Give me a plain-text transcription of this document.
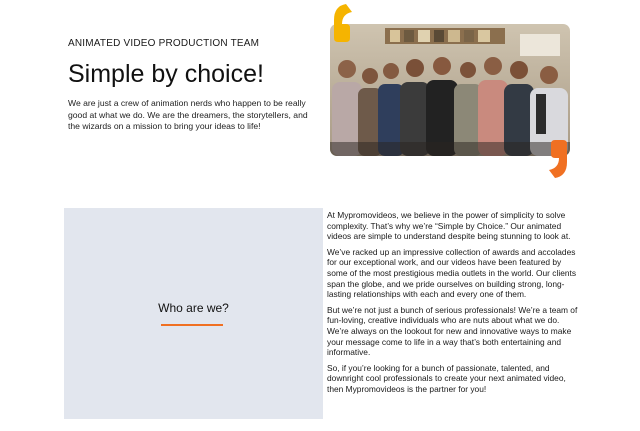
ANIMATED VIDEO PRODUCTION TEAM
Simple by choice!

We are just a crew of animation nerds who happen to be really good at what we do. We are the dreamers, the storytellers, and the wizards on a mission to bring your ideas to life!

Who are we?

At Mypromovideos, we believe in the power of simplicity to solve complexity. That’s why we’re “Simple by Choice.” Our animated videos are simple to understand despite being stunning to look at.

We’ve racked up an impressive collection of awards and accolades for our exceptional work, and our videos have been featured by some of the most prestigious media outlets in the world. Our clients span the globe, and we pride ourselves on building strong, long-lasting relationships with each and every one of them.

But we’re not just a bunch of serious professionals! We’re a team of fun-loving, creative individuals who are nuts about what we do. We’re always on the lookout for new and innovative ways to make your message come to life in a way that’s both entertaining and informative.

So, if you’re looking for a bunch of passionate, talented, and downright cool professionals to create your next animated video, then Mypromovideos is the partner for you!
